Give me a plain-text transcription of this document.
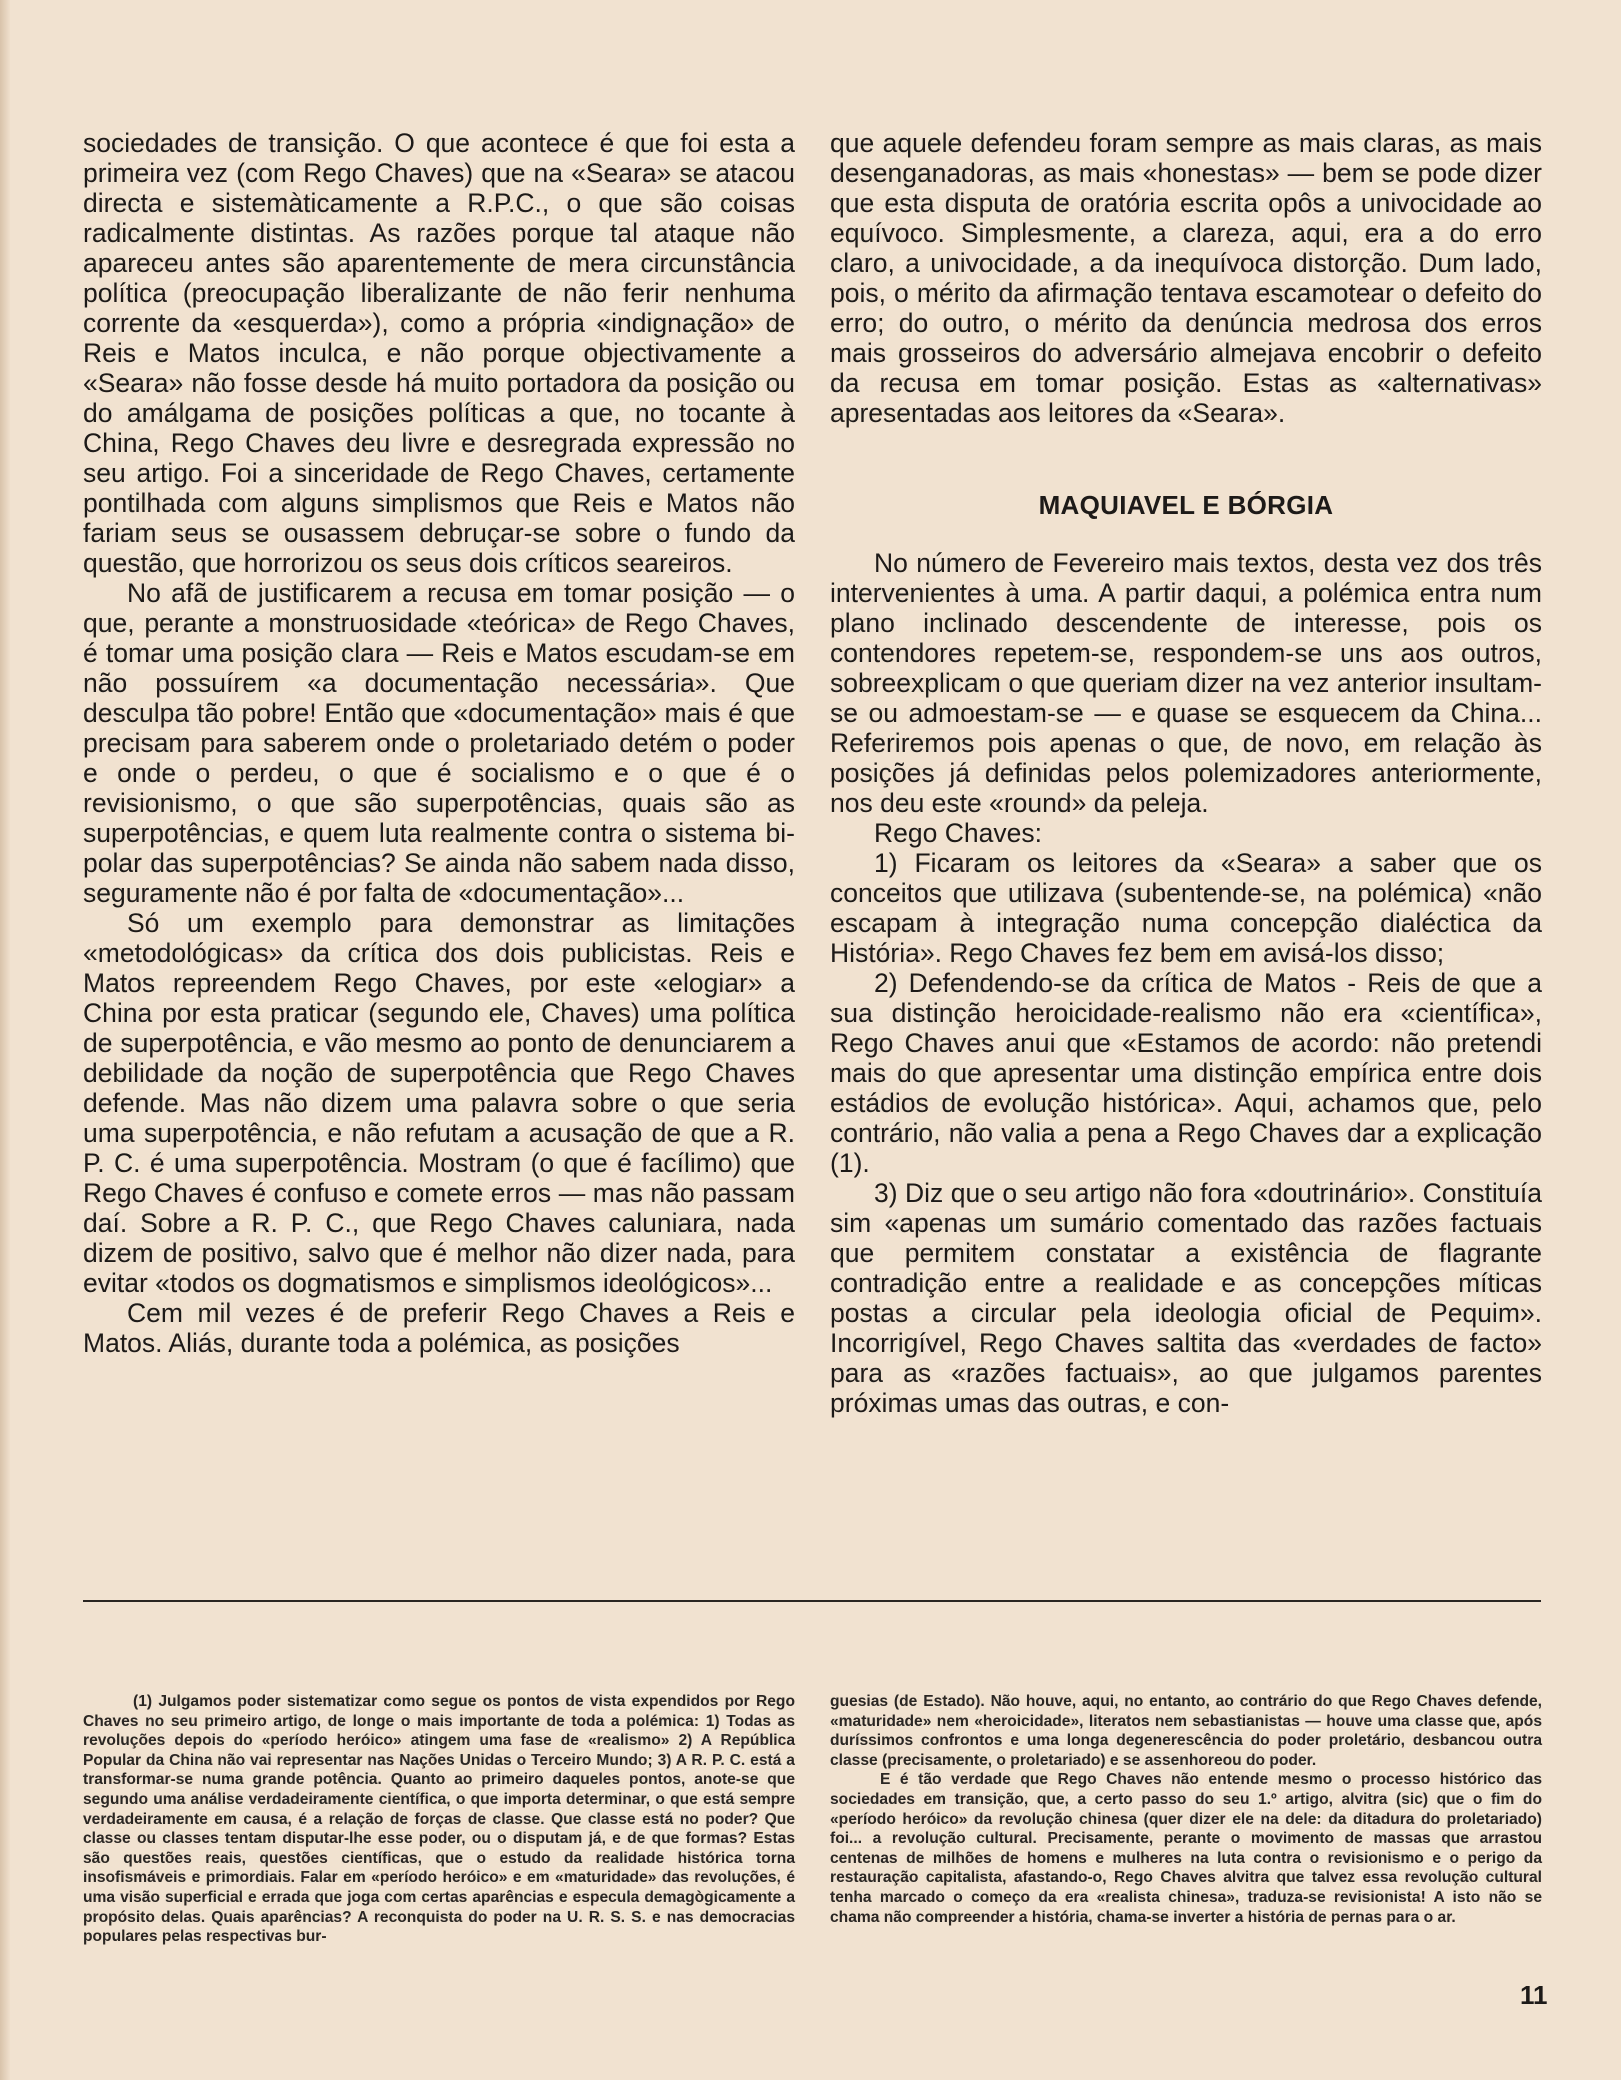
sociedades de transição. O que acontece é que foi esta a primeira vez (com Rego Chaves) que na «Seara» se atacou directa e sistemàticamente a R.P.C., o que são coisas radicalmente distintas. As razões porque tal ataque não apareceu antes são aparentemente de mera circunstância política (preocupação liberalizante de não ferir nenhuma corrente da «esquerda»), como a própria «indignação» de Reis e Matos inculca, e não porque objectivamente a «Seara» não fosse desde há muito portadora da posição ou do amálgama de posições políticas a que, no tocante à China, Rego Chaves deu livre e desregrada expressão no seu artigo. Foi a sinceridade de Rego Chaves, certamente pontilhada com alguns simplismos que Reis e Matos não fariam seus se ousassem debruçar-se sobre o fundo da questão, que horrorizou os seus dois críticos seareiros.

No afã de justificarem a recusa em tomar posição — o que, perante a monstruosidade «teórica» de Rego Chaves, é tomar uma posição clara — Reis e Matos escudam-se em não possuírem «a documentação necessária». Que desculpa tão pobre! Então que «documentação» mais é que precisam para saberem onde o proletariado detém o poder e onde o perdeu, o que é socialismo e o que é o revisionismo, o que são superpotências, quais são as superpotências, e quem luta realmente contra o sistema bi-polar das superpotências? Se ainda não sabem nada disso, seguramente não é por falta de «documentação»...

Só um exemplo para demonstrar as limitações «metodológicas» da crítica dos dois publicistas. Reis e Matos repreendem Rego Chaves, por este «elogiar» a China por esta praticar (segundo ele, Chaves) uma política de superpotência, e vão mesmo ao ponto de denunciarem a debilidade da noção de superpotência que Rego Chaves defende. Mas não dizem uma palavra sobre o que seria uma superpotência, e não refutam a acusação de que a R. P. C. é uma superpotência. Mostram (o que é facílimo) que Rego Chaves é confuso e comete erros — mas não passam daí. Sobre a R. P. C., que Rego Chaves caluniara, nada dizem de positivo, salvo que é melhor não dizer nada, para evitar «todos os dogmatismos e simplismos ideológicos»...

Cem mil vezes é de preferir Rego Chaves a Reis e Matos. Aliás, durante toda a polémica, as posições

que aquele defendeu foram sempre as mais claras, as mais desenganadoras, as mais «honestas» — bem se pode dizer que esta disputa de oratória escrita opôs a univocidade ao equívoco. Simplesmente, a clareza, aqui, era a do erro claro, a univocidade, a da inequívoca distorção. Dum lado, pois, o mérito da afirmação tentava escamotear o defeito do erro; do outro, o mérito da denúncia medrosa dos erros mais grosseiros do adversário almejava encobrir o defeito da recusa em tomar posição. Estas as «alternativas» apresentadas aos leitores da «Seara».

MAQUIAVEL E BÓRGIA

No número de Fevereiro mais textos, desta vez dos três intervenientes à uma. A partir daqui, a polémica entra num plano inclinado descendente de interesse, pois os contendores repetem-se, respondem-se uns aos outros, sobreexplicam o que queriam dizer na vez anterior insultam-se ou admoestam-se — e quase se esquecem da China... Referiremos pois apenas o que, de novo, em relação às posições já definidas pelos polemizadores anteriormente, nos deu este «round» da peleja.

Rego Chaves:

1) Ficaram os leitores da «Seara» a saber que os conceitos que utilizava (subentende-se, na polémica) «não escapam à integração numa concepção dialéctica da História». Rego Chaves fez bem em avisá-los disso;

2) Defendendo-se da crítica de Matos - Reis de que a sua distinção heroicidade-realismo não era «científica», Rego Chaves anui que «Estamos de acordo: não pretendi mais do que apresentar uma distinção empírica entre dois estádios de evolução histórica». Aqui, achamos que, pelo contrário, não valia a pena a Rego Chaves dar a explicação (1).

3) Diz que o seu artigo não fora «doutrinário». Constituía sim «apenas um sumário comentado das razões factuais que permitem constatar a existência de flagrante contradição entre a realidade e as concepções míticas postas a circular pela ideologia oficial de Pequim». Incorrigível, Rego Chaves saltita das «verdades de facto» para as «razões factuais», ao que julgamos parentes próximas umas das outras, e con-

(1) Julgamos poder sistematizar como segue os pontos de vista expendidos por Rego Chaves no seu primeiro artigo, de longe o mais importante de toda a polémica: 1) Todas as revoluções depois do «período heróico» atingem uma fase de «realismo» 2) A República Popular da China não vai representar nas Nações Unidas o Terceiro Mundo; 3) A R. P. C. está a transformar-se numa grande potência. Quanto ao primeiro daqueles pontos, anote-se que segundo uma análise verdadeiramente científica, o que importa determinar, o que está sempre verdadeiramente em causa, é a relação de forças de classe. Que classe está no poder? Que classe ou classes tentam disputar-lhe esse poder, ou o disputam já, e de que formas? Estas são questões reais, questões científicas, que o estudo da realidade histórica torna insofismáveis e primordiais. Falar em «período heróico» e em «maturidade» das revoluções, é uma visão superficial e errada que joga com certas aparências e especula demagògicamente a propósito delas. Quais aparências? A reconquista do poder na U. R. S. S. e nas democracias populares pelas respectivas bur-

guesias (de Estado). Não houve, aqui, no entanto, ao contrário do que Rego Chaves defende, «maturidade» nem «heroicidade», literatos nem sebastianistas — houve uma classe que, após duríssimos confrontos e uma longa degenerescência do poder proletário, desbancou outra classe (precisamente, o proletariado) e se assenhoreou do poder.

E é tão verdade que Rego Chaves não entende mesmo o processo histórico das sociedades em transição, que, a certo passo do seu 1.º artigo, alvitra (sic) que o fim do «período heróico» da revolução chinesa (quer dizer ele na dele: da ditadura do proletariado) foi... a revolução cultural. Precisamente, perante o movimento de massas que arrastou centenas de milhões de homens e mulheres na luta contra o revisionismo e o perigo da restauração capitalista, afastando-o, Rego Chaves alvitra que talvez essa revolução cultural tenha marcado o começo da era «realista chinesa», traduza-se revisionista! A isto não se chama não compreender a história, chama-se inverter a história de pernas para o ar.

11
